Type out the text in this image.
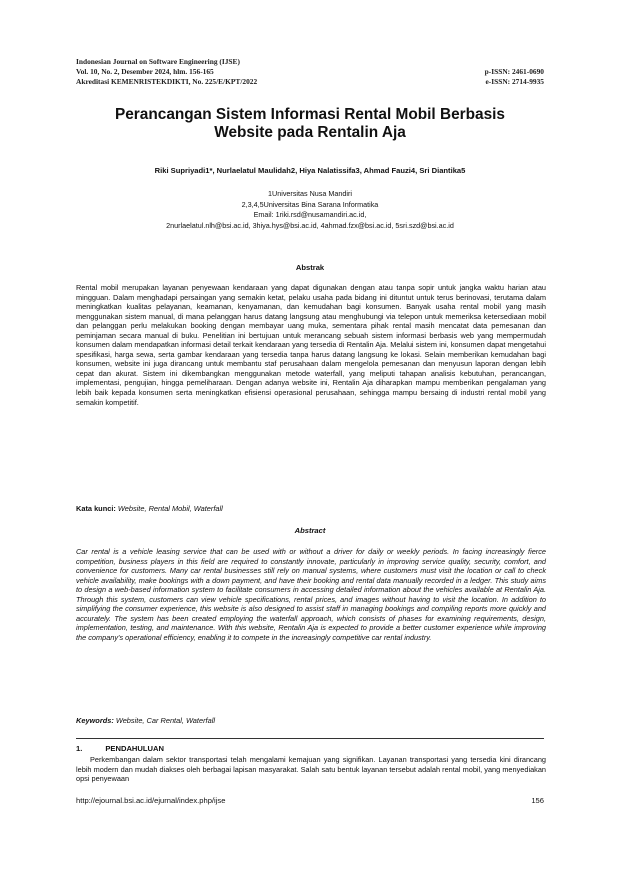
Indonesian Journal on Software Engineering (IJSE)
Vol. 10, No. 2, Desember 2024, hlm. 156-165	p-ISSN: 2461-0690
Akreditasi KEMENRISTEKDIKTI, No. 225/E/KPT/2022	e-ISSN: 2714-9935
Perancangan Sistem Informasi Rental Mobil Berbasis
Website pada Rentalin Aja
Riki Supriyadi1*, Nurlaelatul Maulidah2, Hiya Nalatissifa3, Ahmad Fauzi4, Sri Diantika5
1Universitas Nusa Mandiri
2,3,4,5Universitas Bina Sarana Informatika
Email: 1riki.rsd@nusamandiri.ac.id,
2nurlaelatul.nlh@bsi.ac.id, 3hiya.hys@bsi.ac.id, 4ahmad.fzx@bsi.ac.id, 5sri.szd@bsi.ac.id
Abstrak
Rental mobil merupakan layanan penyewaan kendaraan yang dapat digunakan dengan atau tanpa sopir untuk jangka waktu harian atau mingguan. Dalam menghadapi persaingan yang semakin ketat, pelaku usaha pada bidang ini dituntut untuk terus berinovasi, terutama dalam meningkatkan kualitas pelayanan, keamanan, kenyamanan, dan kemudahan bagi konsumen. Banyak usaha rental mobil yang masih menggunakan sistem manual, di mana pelanggan harus datang langsung atau menghubungi via telepon untuk memeriksa ketersediaan mobil dan pelanggan perlu melakukan booking dengan membayar uang muka, sementara pihak rental masih mencatat data pemesanan dan peminjaman secara manual di buku. Penelitian ini bertujuan untuk merancang sebuah sistem informasi berbasis web yang mempermudah konsumen dalam mendapatkan informasi detail terkait kendaraan yang tersedia di Rentalin Aja. Melalui sistem ini, konsumen dapat mengetahui spesifikasi, harga sewa, serta gambar kendaraan yang tersedia tanpa harus datang langsung ke lokasi. Selain memberikan kemudahan bagi konsumen, website ini juga dirancang untuk membantu staf perusahaan dalam mengelola pemesanan dan menyusun laporan dengan lebih cepat dan akurat. Sistem ini dikembangkan menggunakan metode waterfall, yang meliputi tahapan analisis kebutuhan, perancangan, implementasi, pengujian, hingga pemeliharaan. Dengan adanya website ini, Rentalin Aja diharapkan mampu memberikan pengalaman yang lebih baik kepada konsumen serta meningkatkan efisiensi operasional perusahaan, sehingga mampu bersaing di industri rental mobil yang semakin kompetitif.
Kata kunci: Website, Rental Mobil, Waterfall
Abstract
Car rental is a vehicle leasing service that can be used with or without a driver for daily or weekly periods. In facing increasingly fierce competition, business players in this field are required to constantly innovate, particularly in improving service quality, security, comfort, and convenience for customers. Many car rental businesses still rely on manual systems, where customers must visit the location or call to check vehicle availability, make bookings with a down payment, and have their booking and rental data manually recorded in a ledger. This study aims to design a web-based information system to facilitate consumers in accessing detailed information about the vehicles available at Rentalin Aja. Through this system, customers can view vehicle specifications, rental prices, and images without having to visit the location. In addition to simplifying the consumer experience, this website is also designed to assist staff in managing bookings and compiling reports more quickly and accurately. The system has been created employing the waterfall approach, which consists of phases for examining requirements, design, implementation, testing, and maintenance. With this website, Rentalin Aja is expected to provide a better customer experience while improving the company's operational efficiency, enabling it to compete in the increasingly competitive car rental industry.
Keywords: Website, Car Rental, Waterfall
1.	PENDAHULUAN
Perkembangan dalam sektor transportasi telah mengalami kemajuan yang signifikan. Layanan transportasi yang tersedia kini dirancang lebih modern dan mudah diakses oleh berbagai lapisan masyarakat. Salah satu bentuk layanan tersebut adalah rental mobil, yang menyediakan opsi penyewaan
http://ejournal.bsi.ac.id/ejurnal/index.php/ijse	156
